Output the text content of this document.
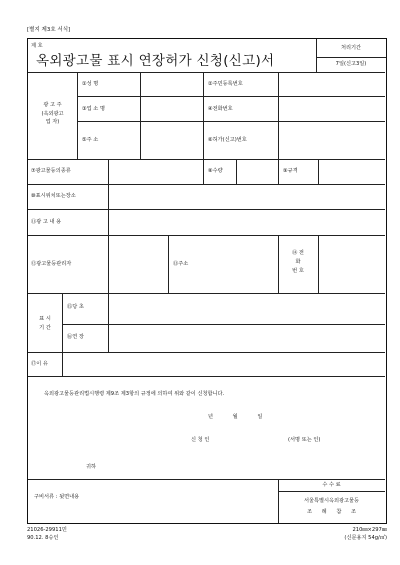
[별지 제3호 서식]
제 호
옥외광고물 표시 연장허가 신청(신고)서
처리기간
7일(신고3일)
광 고 주
(옥외광고
업 자)
①성 명	②주민등록번호
③업 소 명	④전화번호
⑤주 소	⑥허가(신고)번호
⑦광고물등의종류	⑧수량	⑨규격
⑩표시위치또는장소
⑪광 고 내 용
⑫광고물등관리자	⑬주소
⑭ 전
화
번 호
표 시
기 간
⑮당 초
⑯연 장
⑰이 유
옥외광고물등관리법시행령 제9조 제3항의 규정에 의하여 위와 같이 신청합니다.
년 월 일
신 청 인	(서명 또는 인)
귀하
구비서류 : 뒷면내용
수 수 료
서울특별시옥외광고물등
조 례 참 조
21026-29911민
90.12. 8승인
210㎜×297㎜
(신문용지 54g/㎡)
